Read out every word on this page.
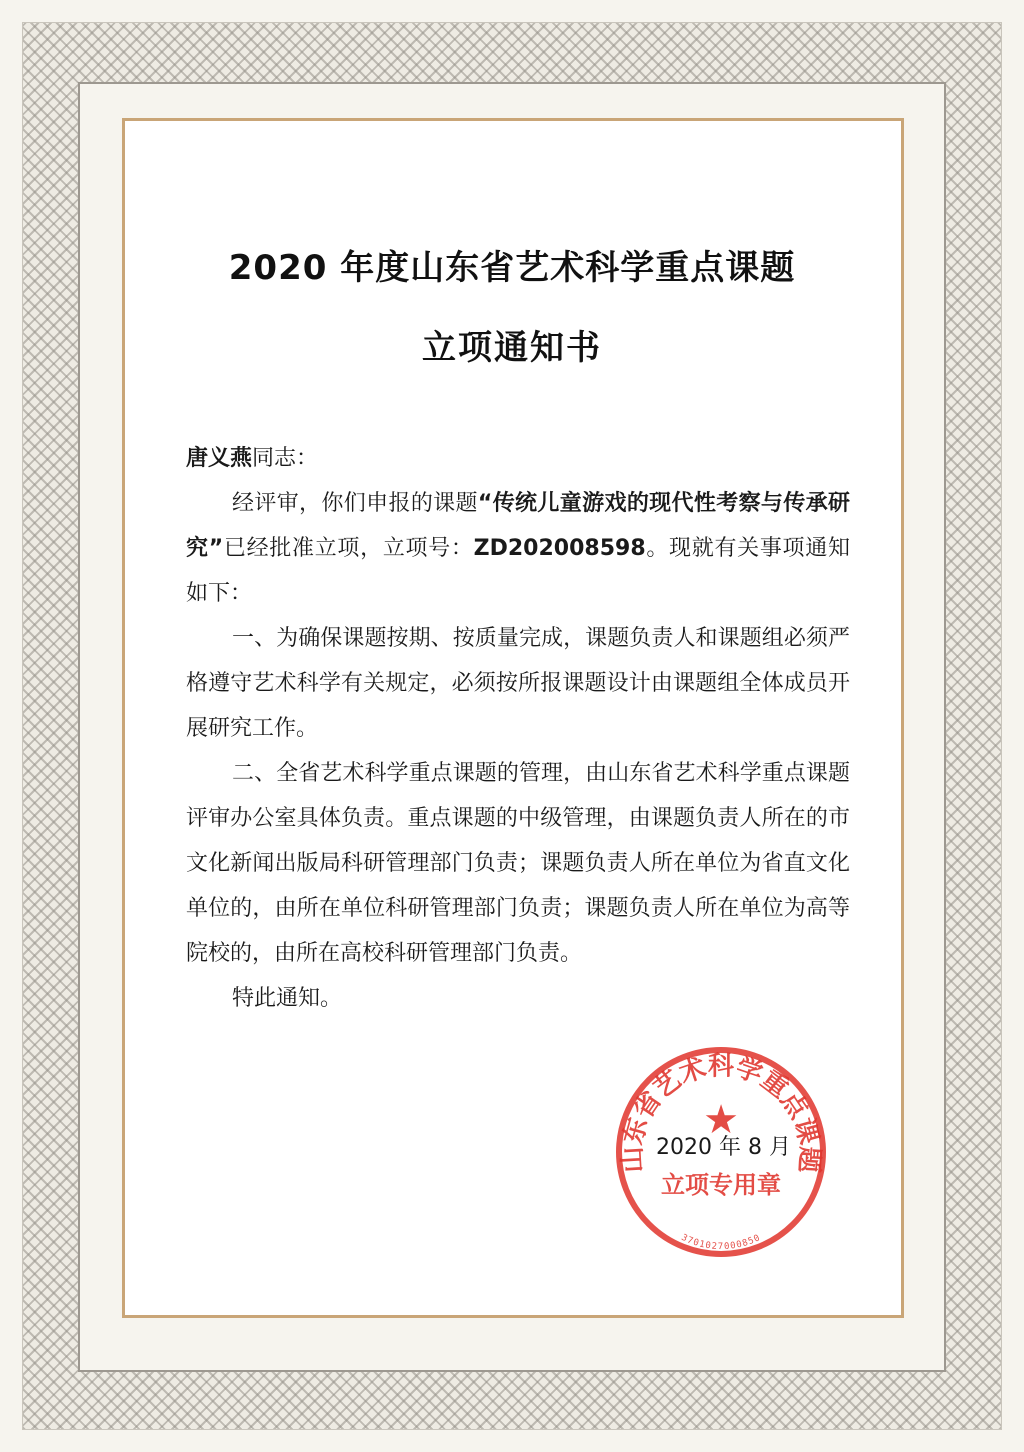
2020 年度山东省艺术科学重点课题
立项通知书

唐义燕同志：

经评审，你们申报的课题“传统儿童游戏的现代性考察与传承研究”已经批准立项，立项号：ZD202008598。现就有关事项通知如下：

一、为确保课题按期、按质量完成，课题负责人和课题组必须严格遵守艺术科学有关规定，必须按所报课题设计由课题组全体成员开展研究工作。

二、全省艺术科学重点课题的管理，由山东省艺术科学重点课题评审办公室具体负责。重点课题的中级管理，由课题负责人所在的市文化新闻出版局科研管理部门负责；课题负责人所在单位为省直文化单位的，由所在单位科研管理部门负责；课题负责人所在单位为高等院校的，由所在高校科研管理部门负责。

特此通知。

山东省艺术科学重点课题
★
立项专用章
3701027000850
2020 年 8 月
